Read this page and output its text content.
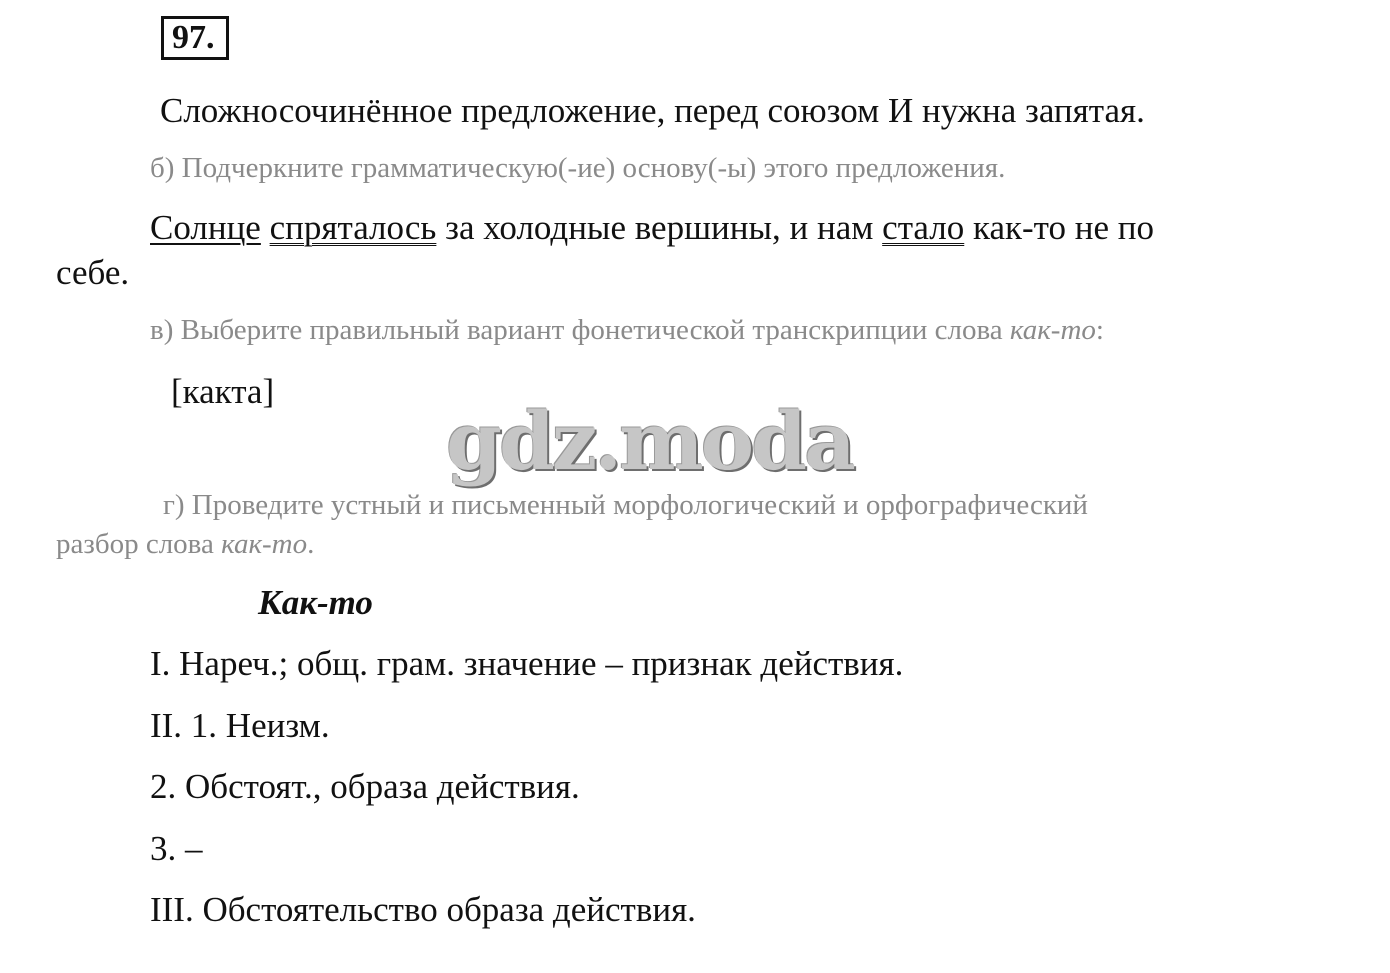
97.
Сложносочинённое предложение, перед союзом И нужна запятая.
б) Подчеркните грамматическую(-ие) основу(-ы) этого предложения.
Солнце спряталось за холодные вершины, и нам стало как-то не по
себе.
в) Выберите правильный вариант фонетической транскрипции слова как-то:
[какта]
г) Проведите устный и письменный морфологический и орфографический
разбор слова как-то.
gdz.moda
Как-то
I. Нареч.; общ. грам. значение – признак действия.
II. 1. Неизм.
2. Обстоят., образа действия.
3. –
III. Обстоятельство образа действия.
